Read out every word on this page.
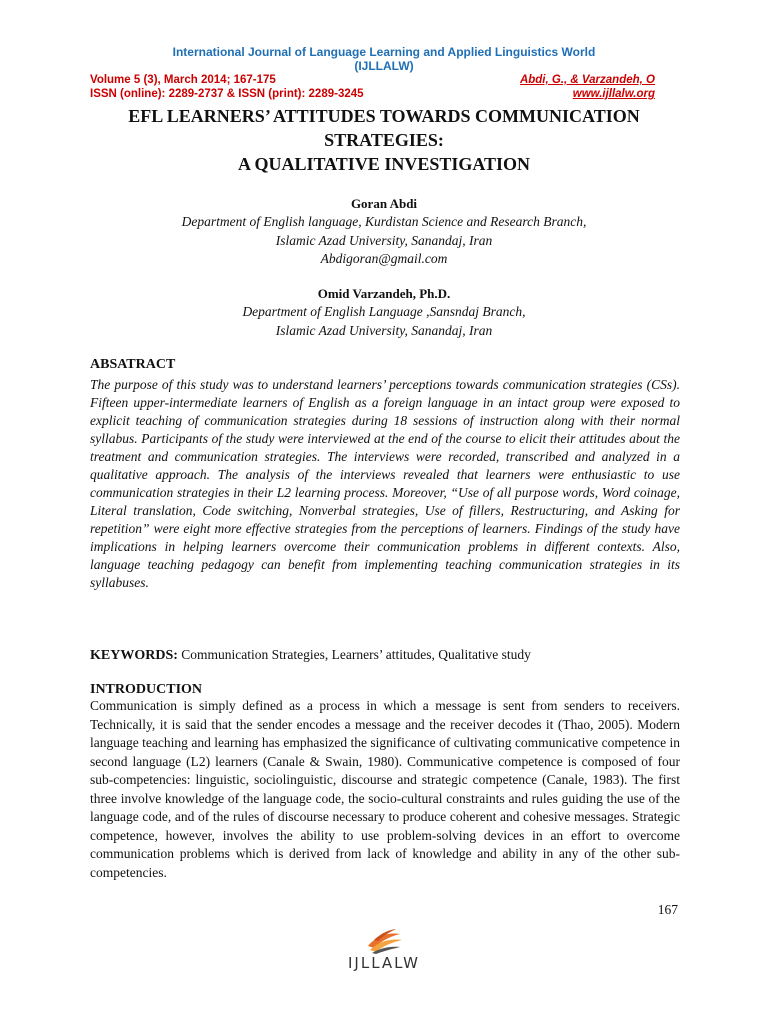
International Journal of Language Learning and Applied Linguistics World
(IJLLALW)
Volume 5 (3), March 2014; 167-175	Abdi, G., & Varzandeh, O
ISSN (online): 2289-2737 & ISSN (print): 2289-3245	www.ijllalw.org
EFL LEARNERS’ ATTITUDES TOWARDS COMMUNICATION
STRATEGIES:
A QUALITATIVE INVESTIGATION
Goran Abdi
Department of English language, Kurdistan Science and Research Branch,
Islamic Azad University, Sanandaj, Iran
Abdigoran@gmail.com
Omid Varzandeh, Ph.D.
Department of English Language ,Sansndaj Branch,
Islamic Azad University, Sanandaj, Iran
ABSATRACT
The purpose of this study was to understand learners’ perceptions towards communication strategies (CSs). Fifteen upper-intermediate learners of English as a foreign language in an intact group were exposed to explicit teaching of communication strategies during 18 sessions of instruction along with their normal syllabus. Participants of the study were interviewed at the end of the course to elicit their attitudes about the treatment and communication strategies. The interviews were recorded, transcribed and analyzed in a qualitative approach. The analysis of the interviews revealed that learners were enthusiastic to use communication strategies in their L2 learning process. Moreover, “Use of all purpose words, Word coinage, Literal translation, Code switching, Nonverbal strategies, Use of fillers, Restructuring, and Asking for repetition” were eight more effective strategies from the perceptions of learners. Findings of the study have implications in helping learners overcome their communication problems in different contexts. Also, language teaching pedagogy can benefit from implementing teaching communication strategies in its syllabuses.
KEYWORDS: Communication Strategies, Learners’ attitudes, Qualitative study
INTRODUCTION
Communication is simply defined as a process in which a message is sent from senders to receivers. Technically, it is said that the sender encodes a message and the receiver decodes it (Thao, 2005). Modern language teaching and learning has emphasized the significance of cultivating communicative competence in second language (L2) learners (Canale & Swain, 1980). Communicative competence is composed of four sub-competencies: linguistic, sociolinguistic, discourse and strategic competence (Canale, 1983). The first three involve knowledge of the language code, the socio-cultural constraints and rules guiding the use of the language code, and of the rules of discourse necessary to produce coherent and cohesive messages. Strategic competence, however, involves the ability to use problem-solving devices in an effort to overcome communication problems which is derived from lack of knowledge and ability in any of the other sub-competencies.
167
IJLLALW
